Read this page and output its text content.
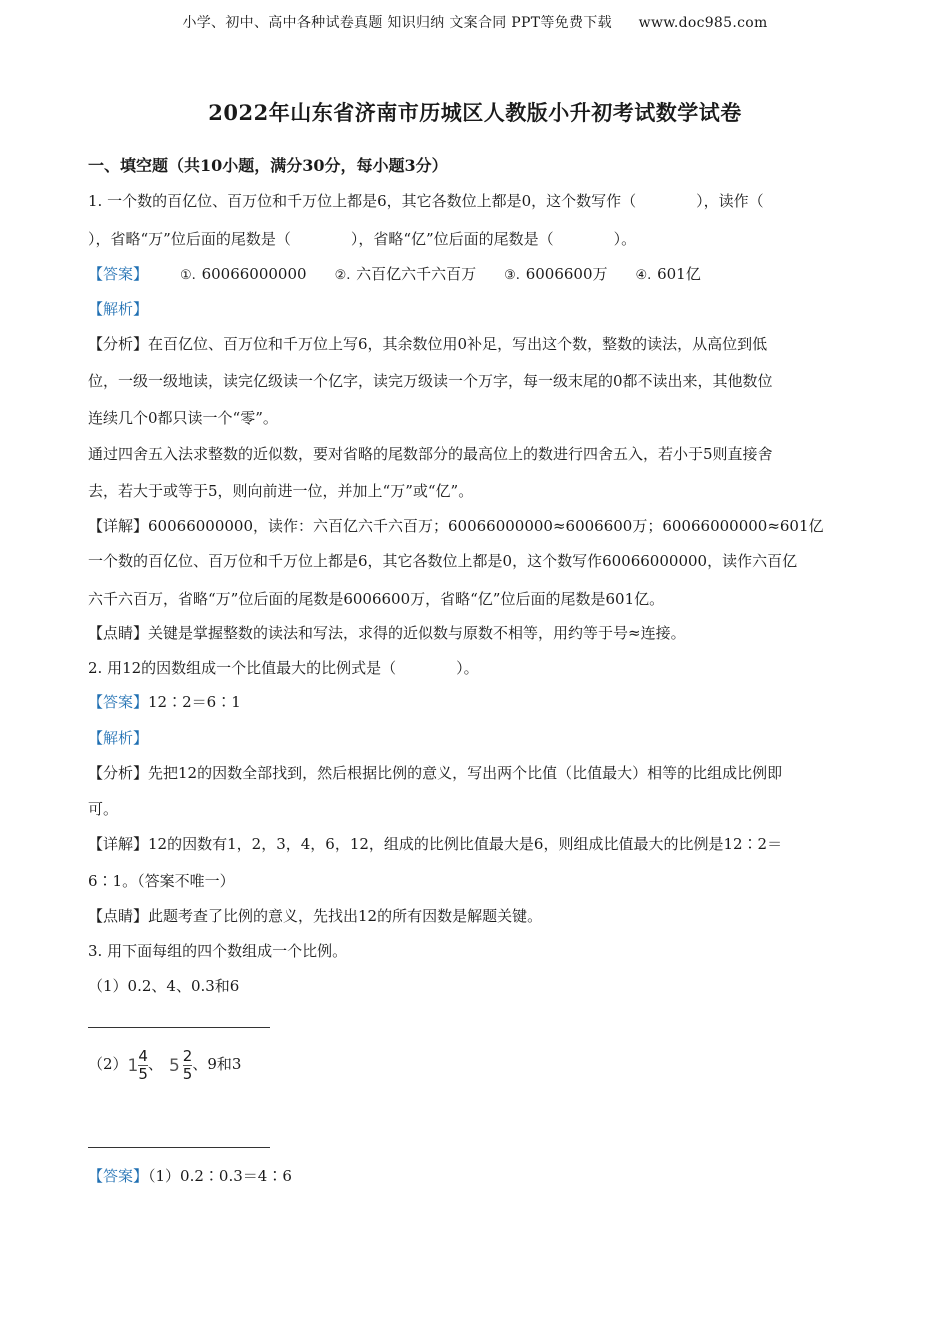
小学、初中、高中各种试卷真题 知识归纳 文案合同 PPT等免费下载 www.doc985.com
2022年山东省济南市历城区人教版小升初考试数学试卷
一、填空题（共10小题，满分30分，每小题3分）
1. 一个数的百亿位、百万位和千万位上都是6，其它各数位上都是0，这个数写作（　　　　），读作（
），省略“万”位后面的尾数是（　　　　），省略“亿”位后面的尾数是（　　　　）。
【答案】 ①. 60066000000 ②. 六百亿六千六百万 ③. 6006600万 ④. 601亿
【解析】
【分析】在百亿位、百万位和千万位上写6，其余数位用0补足，写出这个数，整数的读法，从高位到低
位，一级一级地读，读完亿级读一个亿字，读完万级读一个万字，每一级末尾的0都不读出来，其他数位
连续几个0都只读一个“零”。
通过四舍五入法求整数的近似数，要对省略的尾数部分的最高位上的数进行四舍五入，若小于5则直接舍
去，若大于或等于5，则向前进一位，并加上“万”或“亿”。
【详解】60066000000，读作：六百亿六千六百万；60066000000≈6006600万；60066000000≈601亿
一个数的百亿位、百万位和千万位上都是6，其它各数位上都是0，这个数写作60066000000，读作六百亿
六千六百万，省略“万”位后面的尾数是6006600万，省略“亿”位后面的尾数是601亿。
【点睛】关键是掌握整数的读法和写法，求得的近似数与原数不相等，用约等于号≈连接。
2. 用12的因数组成一个比值最大的比例式是（　　　　）。
【答案】12∶2＝6∶1
【解析】
【分析】先把12的因数全部找到，然后根据比例的意义，写出两个比值（比值最大）相等的比组成比例即
可。
【详解】12的因数有1，2，3，4，6，12，组成的比例比值最大是6，则组成比值最大的比例是12∶2＝
6∶1。（答案不唯一）
【点睛】此题考查了比例的意义，先找出12的所有因数是解题关键。
3. 用下面每组的四个数组成一个比例。
（1）0.2、4、0.3和6
$(2)1 \frac{4}{5}$ 、 $5 \frac{2}{5}$ 、9和3
【答案】（1）0.2∶0.3＝4∶6
